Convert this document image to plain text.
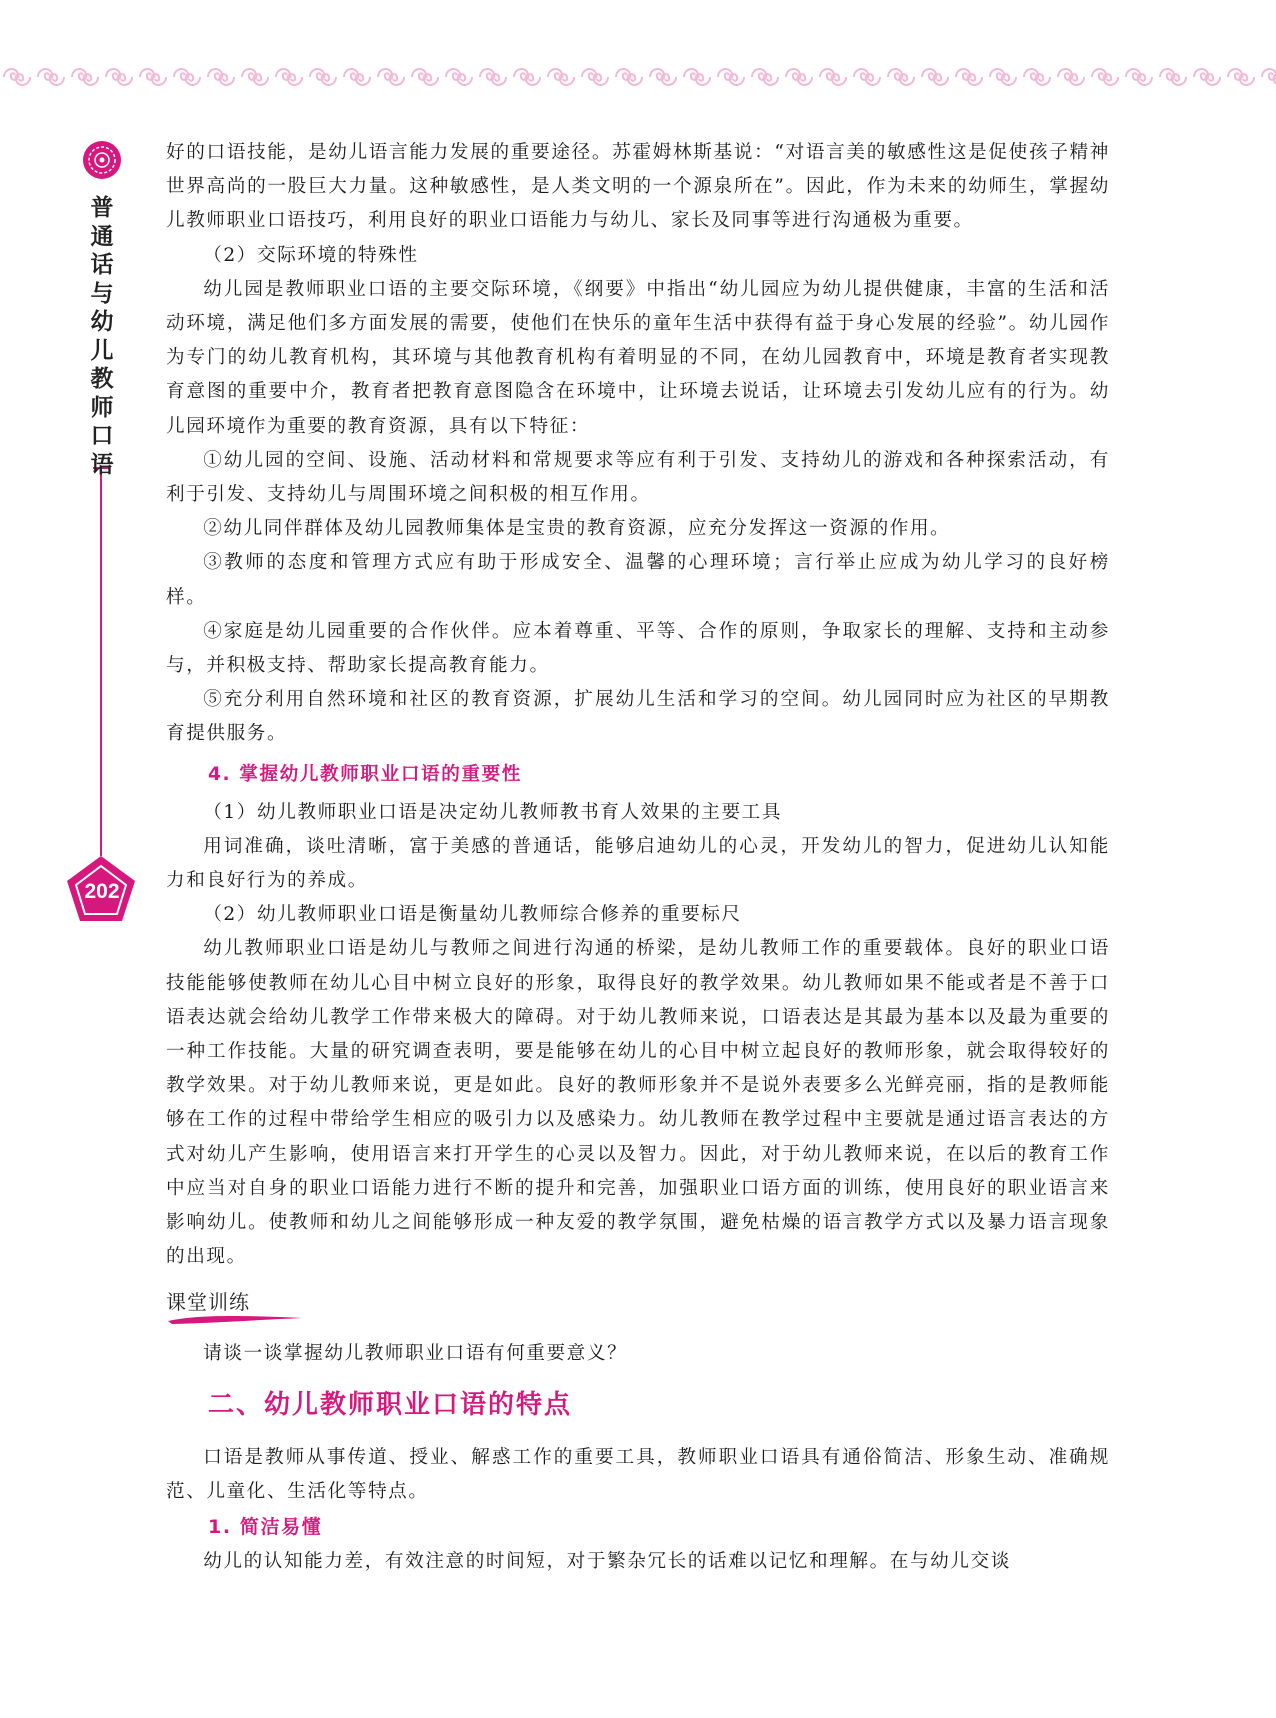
普
通
话
与
幼
儿
教
师
口
语
202

好的口语技能，是幼儿语言能力发展的重要途径。苏霍姆林斯基说：“对语言美的敏感性这是促使孩子精神世界高尚的一股巨大力量。这种敏感性，是人类文明的一个源泉所在”。因此，作为未来的幼师生，掌握幼儿教师职业口语技巧，利用良好的职业口语能力与幼儿、家长及同事等进行沟通极为重要。

（2）交际环境的特殊性

幼儿园是教师职业口语的主要交际环境，《纲要》中指出“幼儿园应为幼儿提供健康，丰富的生活和活动环境，满足他们多方面发展的需要，使他们在快乐的童年生活中获得有益于身心发展的经验”。幼儿园作为专门的幼儿教育机构，其环境与其他教育机构有着明显的不同，在幼儿园教育中，环境是教育者实现教育意图的重要中介，教育者把教育意图隐含在环境中，让环境去说话，让环境去引发幼儿应有的行为。幼儿园环境作为重要的教育资源，具有以下特征：

①幼儿园的空间、设施、活动材料和常规要求等应有利于引发、支持幼儿的游戏和各种探索活动，有利于引发、支持幼儿与周围环境之间积极的相互作用。

②幼儿同伴群体及幼儿园教师集体是宝贵的教育资源，应充分发挥这一资源的作用。

③教师的态度和管理方式应有助于形成安全、温馨的心理环境；言行举止应成为幼儿学习的良好榜样。

④家庭是幼儿园重要的合作伙伴。应本着尊重、平等、合作的原则，争取家长的理解、支持和主动参与，并积极支持、帮助家长提高教育能力。

⑤充分利用自然环境和社区的教育资源，扩展幼儿生活和学习的空间。幼儿园同时应为社区的早期教育提供服务。

4. 掌握幼儿教师职业口语的重要性

（1）幼儿教师职业口语是决定幼儿教师教书育人效果的主要工具

用词准确，谈吐清晰，富于美感的普通话，能够启迪幼儿的心灵，开发幼儿的智力，促进幼儿认知能力和良好行为的养成。

（2）幼儿教师职业口语是衡量幼儿教师综合修养的重要标尺

幼儿教师职业口语是幼儿与教师之间进行沟通的桥梁，是幼儿教师工作的重要载体。良好的职业口语技能能够使教师在幼儿心目中树立良好的形象，取得良好的教学效果。幼儿教师如果不能或者是不善于口语表达就会给幼儿教学工作带来极大的障碍。对于幼儿教师来说，口语表达是其最为基本以及最为重要的一种工作技能。大量的研究调查表明，要是能够在幼儿的心目中树立起良好的教师形象，就会取得较好的教学效果。对于幼儿教师来说，更是如此。良好的教师形象并不是说外表要多么光鲜亮丽，指的是教师能够在工作的过程中带给学生相应的吸引力以及感染力。幼儿教师在教学过程中主要就是通过语言表达的方式对幼儿产生影响，使用语言来打开学生的心灵以及智力。因此，对于幼儿教师来说，在以后的教育工作中应当对自身的职业口语能力进行不断的提升和完善，加强职业口语方面的训练，使用良好的职业语言来影响幼儿。使教师和幼儿之间能够形成一种友爱的教学氛围，避免枯燥的语言教学方式以及暴力语言现象的出现。

课堂训练

请谈一谈掌握幼儿教师职业口语有何重要意义？

二、幼儿教师职业口语的特点

口语是教师从事传道、授业、解惑工作的重要工具，教师职业口语具有通俗简洁、形象生动、准确规范、儿童化、生活化等特点。

1. 简洁易懂

幼儿的认知能力差，有效注意的时间短，对于繁杂冗长的话难以记忆和理解。在与幼儿交谈
